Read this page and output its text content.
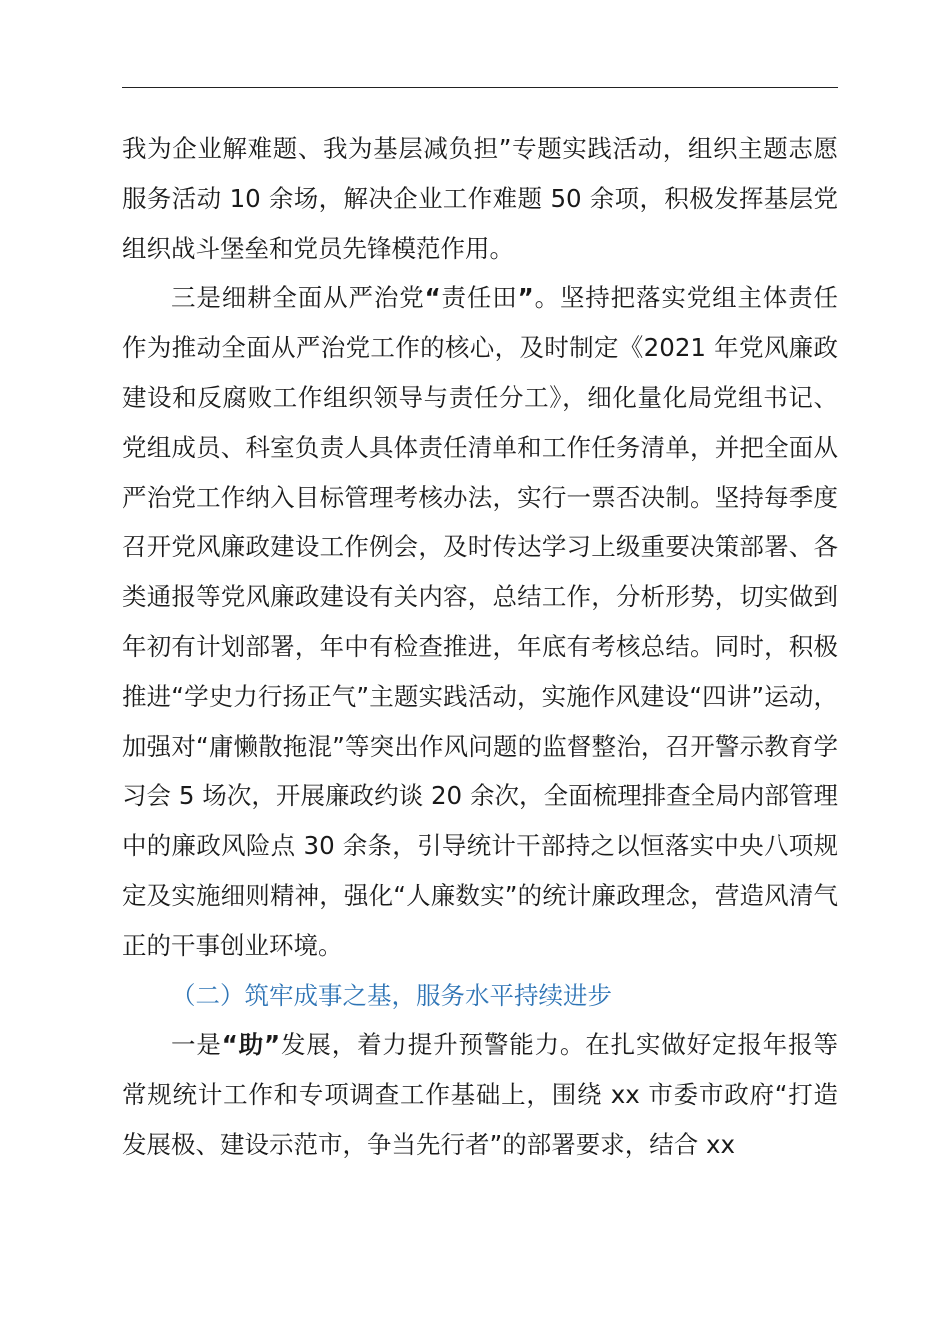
我为企业解难题、我为基层减负担”专题实践活动，组织主题志愿服务活动 10 余场，解决企业工作难题 50 余项，积极发挥基层党组织战斗堡垒和党员先锋模范作用。

三是细耕全面从严治党“责任田”。坚持把落实党组主体责任作为推动全面从严治党工作的核心，及时制定《2021 年党风廉政建设和反腐败工作组织领导与责任分工》，细化量化局党组书记、党组成员、科室负责人具体责任清单和工作任务清单，并把全面从严治党工作纳入目标管理考核办法，实行一票否决制。坚持每季度召开党风廉政建设工作例会，及时传达学习上级重要决策部署、各类通报等党风廉政建设有关内容，总结工作，分析形势，切实做到年初有计划部署，年中有检查推进，年底有考核总结。同时，积极推进“学史力行扬正气”主题实践活动，实施作风建设“四讲”运动，加强对“庸懒散拖混”等突出作风问题的监督整治，召开警示教育学习会 5 场次，开展廉政约谈 20 余次，全面梳理排查全局内部管理中的廉政风险点 30 余条，引导统计干部持之以恒落实中央八项规定及实施细则精神，强化“人廉数实”的统计廉政理念，营造风清气正的干事创业环境。

（二）筑牢成事之基，服务水平持续进步

一是“助”发展，着力提升预警能力。在扎实做好定报年报等常规统计工作和专项调查工作基础上，围绕 xx 市委市政府“打造发展极、建设示范市，争当先行者”的部署要求，结合 xx
